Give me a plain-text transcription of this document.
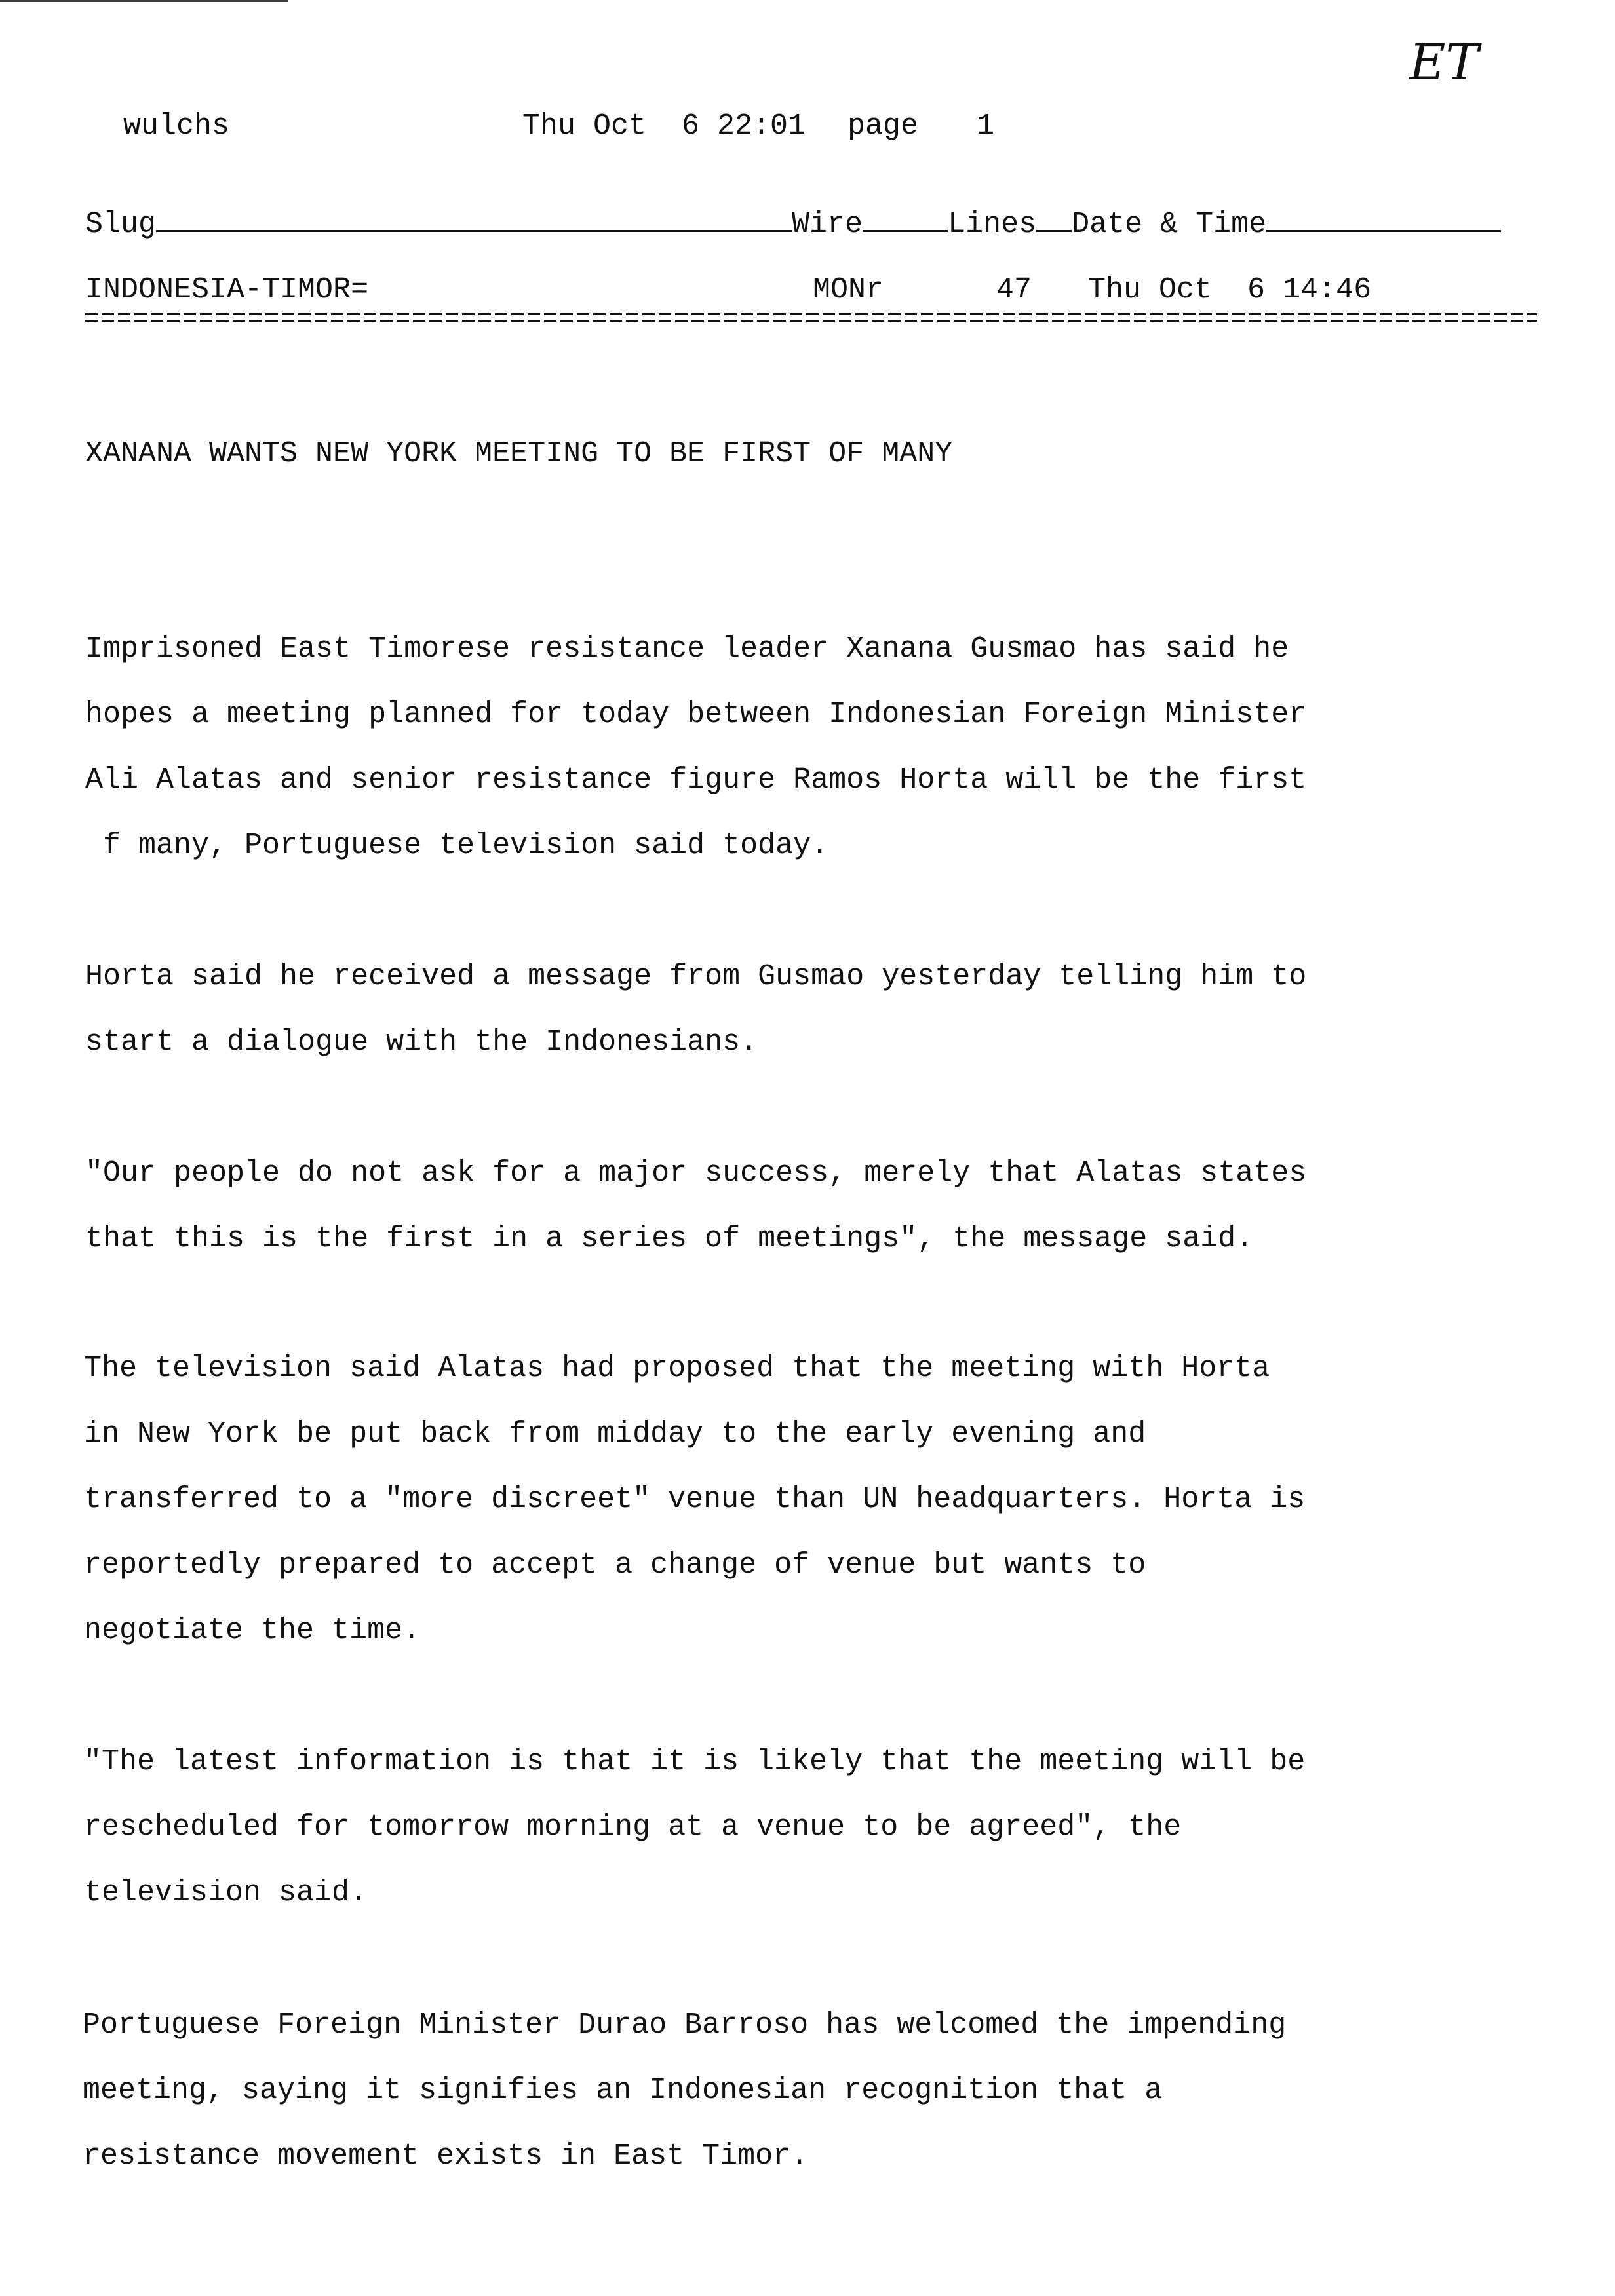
ET
wulchs	Thu Oct  6 22:01 page 1
Slug	Wire	Lines Date & Time
INDONESIA-TIMOR=	MONr	47 Thu Oct  6 14:46
XANANA WANTS NEW YORK MEETING TO BE FIRST OF MANY
Imprisoned East Timorese resistance leader Xanana Gusmao has said he
hopes a meeting planned for today between Indonesian Foreign Minister
Ali Alatas and senior resistance figure Ramos Horta will be the first
f many, Portuguese television said today.
Horta said he received a message from Gusmao yesterday telling him to
start a dialogue with the Indonesians.
"Our people do not ask for a major success, merely that Alatas states
that this is the first in a series of meetings", the message said.
The television said Alatas had proposed that the meeting with Horta
in New York be put back from midday to the early evening and
transferred to a "more discreet" venue than UN headquarters. Horta is
reportedly prepared to accept a change of venue but wants to
negotiate the time.
"The latest information is that it is likely that the meeting will be
rescheduled for tomorrow morning at a venue to be agreed", the
television said.
Portuguese Foreign Minister Durao Barroso has welcomed the impending
meeting, saying it signifies an Indonesian recognition that a
resistance movement exists in East Timor.
